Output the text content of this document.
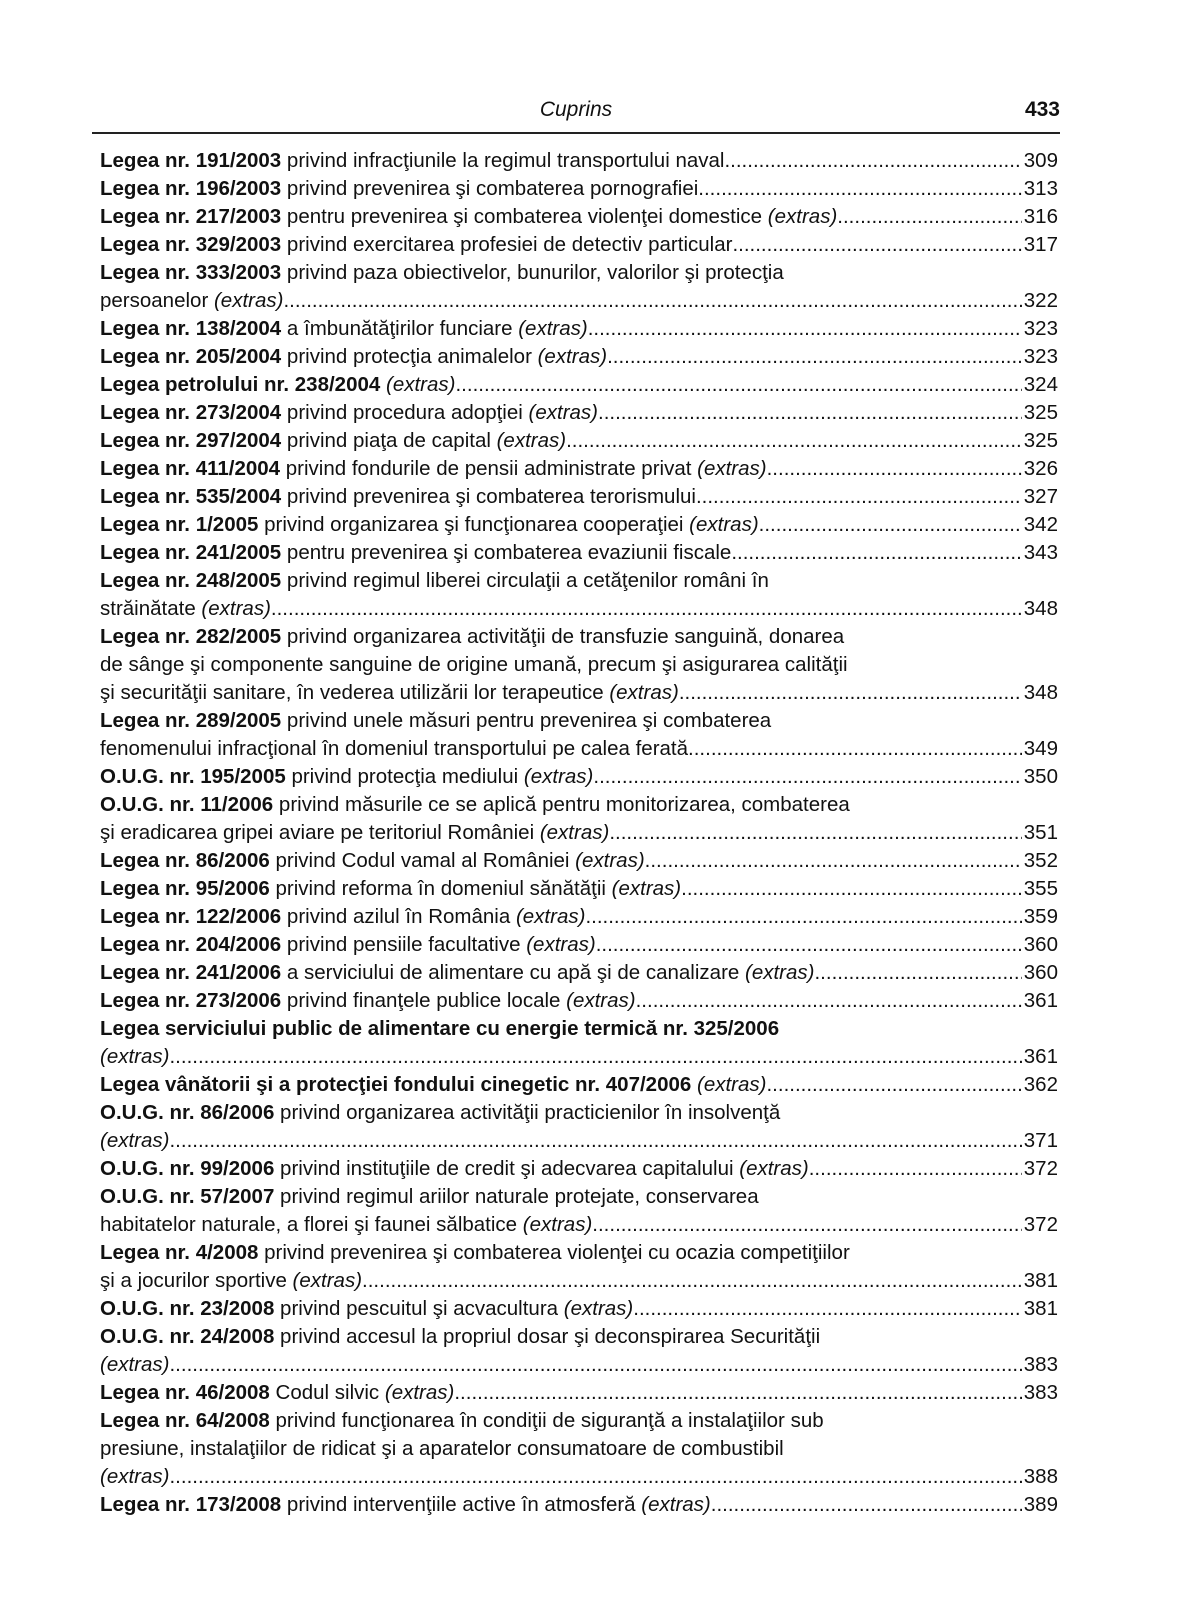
Cuprins	433
Legea nr. 191/2003 privind infracţiunile la regimul transportului naval .....	309
Legea nr. 196/2003 privind prevenirea şi combaterea pornografiei .....	313
Legea nr. 217/2003 pentru prevenirea şi combaterea violenţei domestice (extras) .....	316
Legea nr. 329/2003 privind exercitarea profesiei de detectiv particular .....	317
Legea nr. 333/2003 privind paza obiectivelor, bunurilor, valorilor şi protecţia
persoanelor (extras) .....	322
Legea nr. 138/2004 a îmbunătăţirilor funciare (extras) .....	323
Legea nr. 205/2004 privind protecţia animalelor (extras) .....	323
Legea petrolului nr. 238/2004 (extras) .....	324
Legea nr. 273/2004 privind procedura adopţiei (extras) .....	325
Legea nr. 297/2004 privind piaţa de capital (extras) .....	325
Legea nr. 411/2004 privind fondurile de pensii administrate privat (extras) .....	326
Legea nr. 535/2004 privind prevenirea şi combaterea terorismului .....	327
Legea nr. 1/2005 privind organizarea şi funcţionarea cooperaţiei (extras) .....	342
Legea nr. 241/2005 pentru prevenirea şi combaterea evaziunii fiscale .....	343
Legea nr. 248/2005 privind regimul liberei circulaţii a cetăţenilor români în
străinătate (extras) .....	348
Legea nr. 282/2005 privind organizarea activităţii de transfuzie sanguină, donarea
de sânge şi componente sanguine de origine umană, precum şi asigurarea calităţii
şi securităţii sanitare, în vederea utilizării lor terapeutice (extras) .....	348
Legea nr. 289/2005 privind unele măsuri pentru prevenirea şi combaterea
fenomenului infracţional în domeniul transportului pe calea ferată .....	349
O.U.G. nr. 195/2005 privind protecţia mediului (extras) .....	350
O.U.G. nr. 11/2006 privind măsurile ce se aplică pentru monitorizarea, combaterea
şi eradicarea gripei aviare pe teritoriul României (extras) .....	351
Legea nr. 86/2006 privind Codul vamal al României (extras) .....	352
Legea nr. 95/2006 privind reforma în domeniul sănătăţii (extras) .....	355
Legea nr. 122/2006 privind azilul în România (extras) .....	359
Legea nr. 204/2006 privind pensiile facultative (extras) .....	360
Legea nr. 241/2006 a serviciului de alimentare cu apă şi de canalizare (extras) .....	360
Legea nr. 273/2006 privind finanţele publice locale (extras) .....	361
Legea serviciului public de alimentare cu energie termică nr. 325/2006
(extras) .....	361
Legea vânătorii şi a protecţiei fondului cinegetic nr. 407/2006 (extras) .....	362
O.U.G. nr. 86/2006 privind organizarea activităţii practicienilor în insolvenţă
(extras) .....	371
O.U.G. nr. 99/2006 privind instituţiile de credit şi adecvarea capitalului (extras) .....	372
O.U.G. nr. 57/2007 privind regimul ariilor naturale protejate, conservarea
habitatelor naturale, a florei şi faunei sălbatice (extras) .....	372
Legea nr. 4/2008 privind prevenirea şi combaterea violenţei cu ocazia competiţiilor
şi a jocurilor sportive (extras) .....	381
O.U.G. nr. 23/2008 privind pescuitul şi acvacultura (extras) .....	381
O.U.G. nr. 24/2008 privind accesul la propriul dosar şi deconspirarea Securităţii
(extras) .....	383
Legea nr. 46/2008 Codul silvic (extras) .....	383
Legea nr. 64/2008 privind funcţionarea în condiţii de siguranţă a instalaţiilor sub
presiune, instalaţiilor de ridicat şi a aparatelor consumatoare de combustibil
(extras) .....	388
Legea nr. 173/2008 privind intervenţiile active în atmosferă (extras) .....	389
